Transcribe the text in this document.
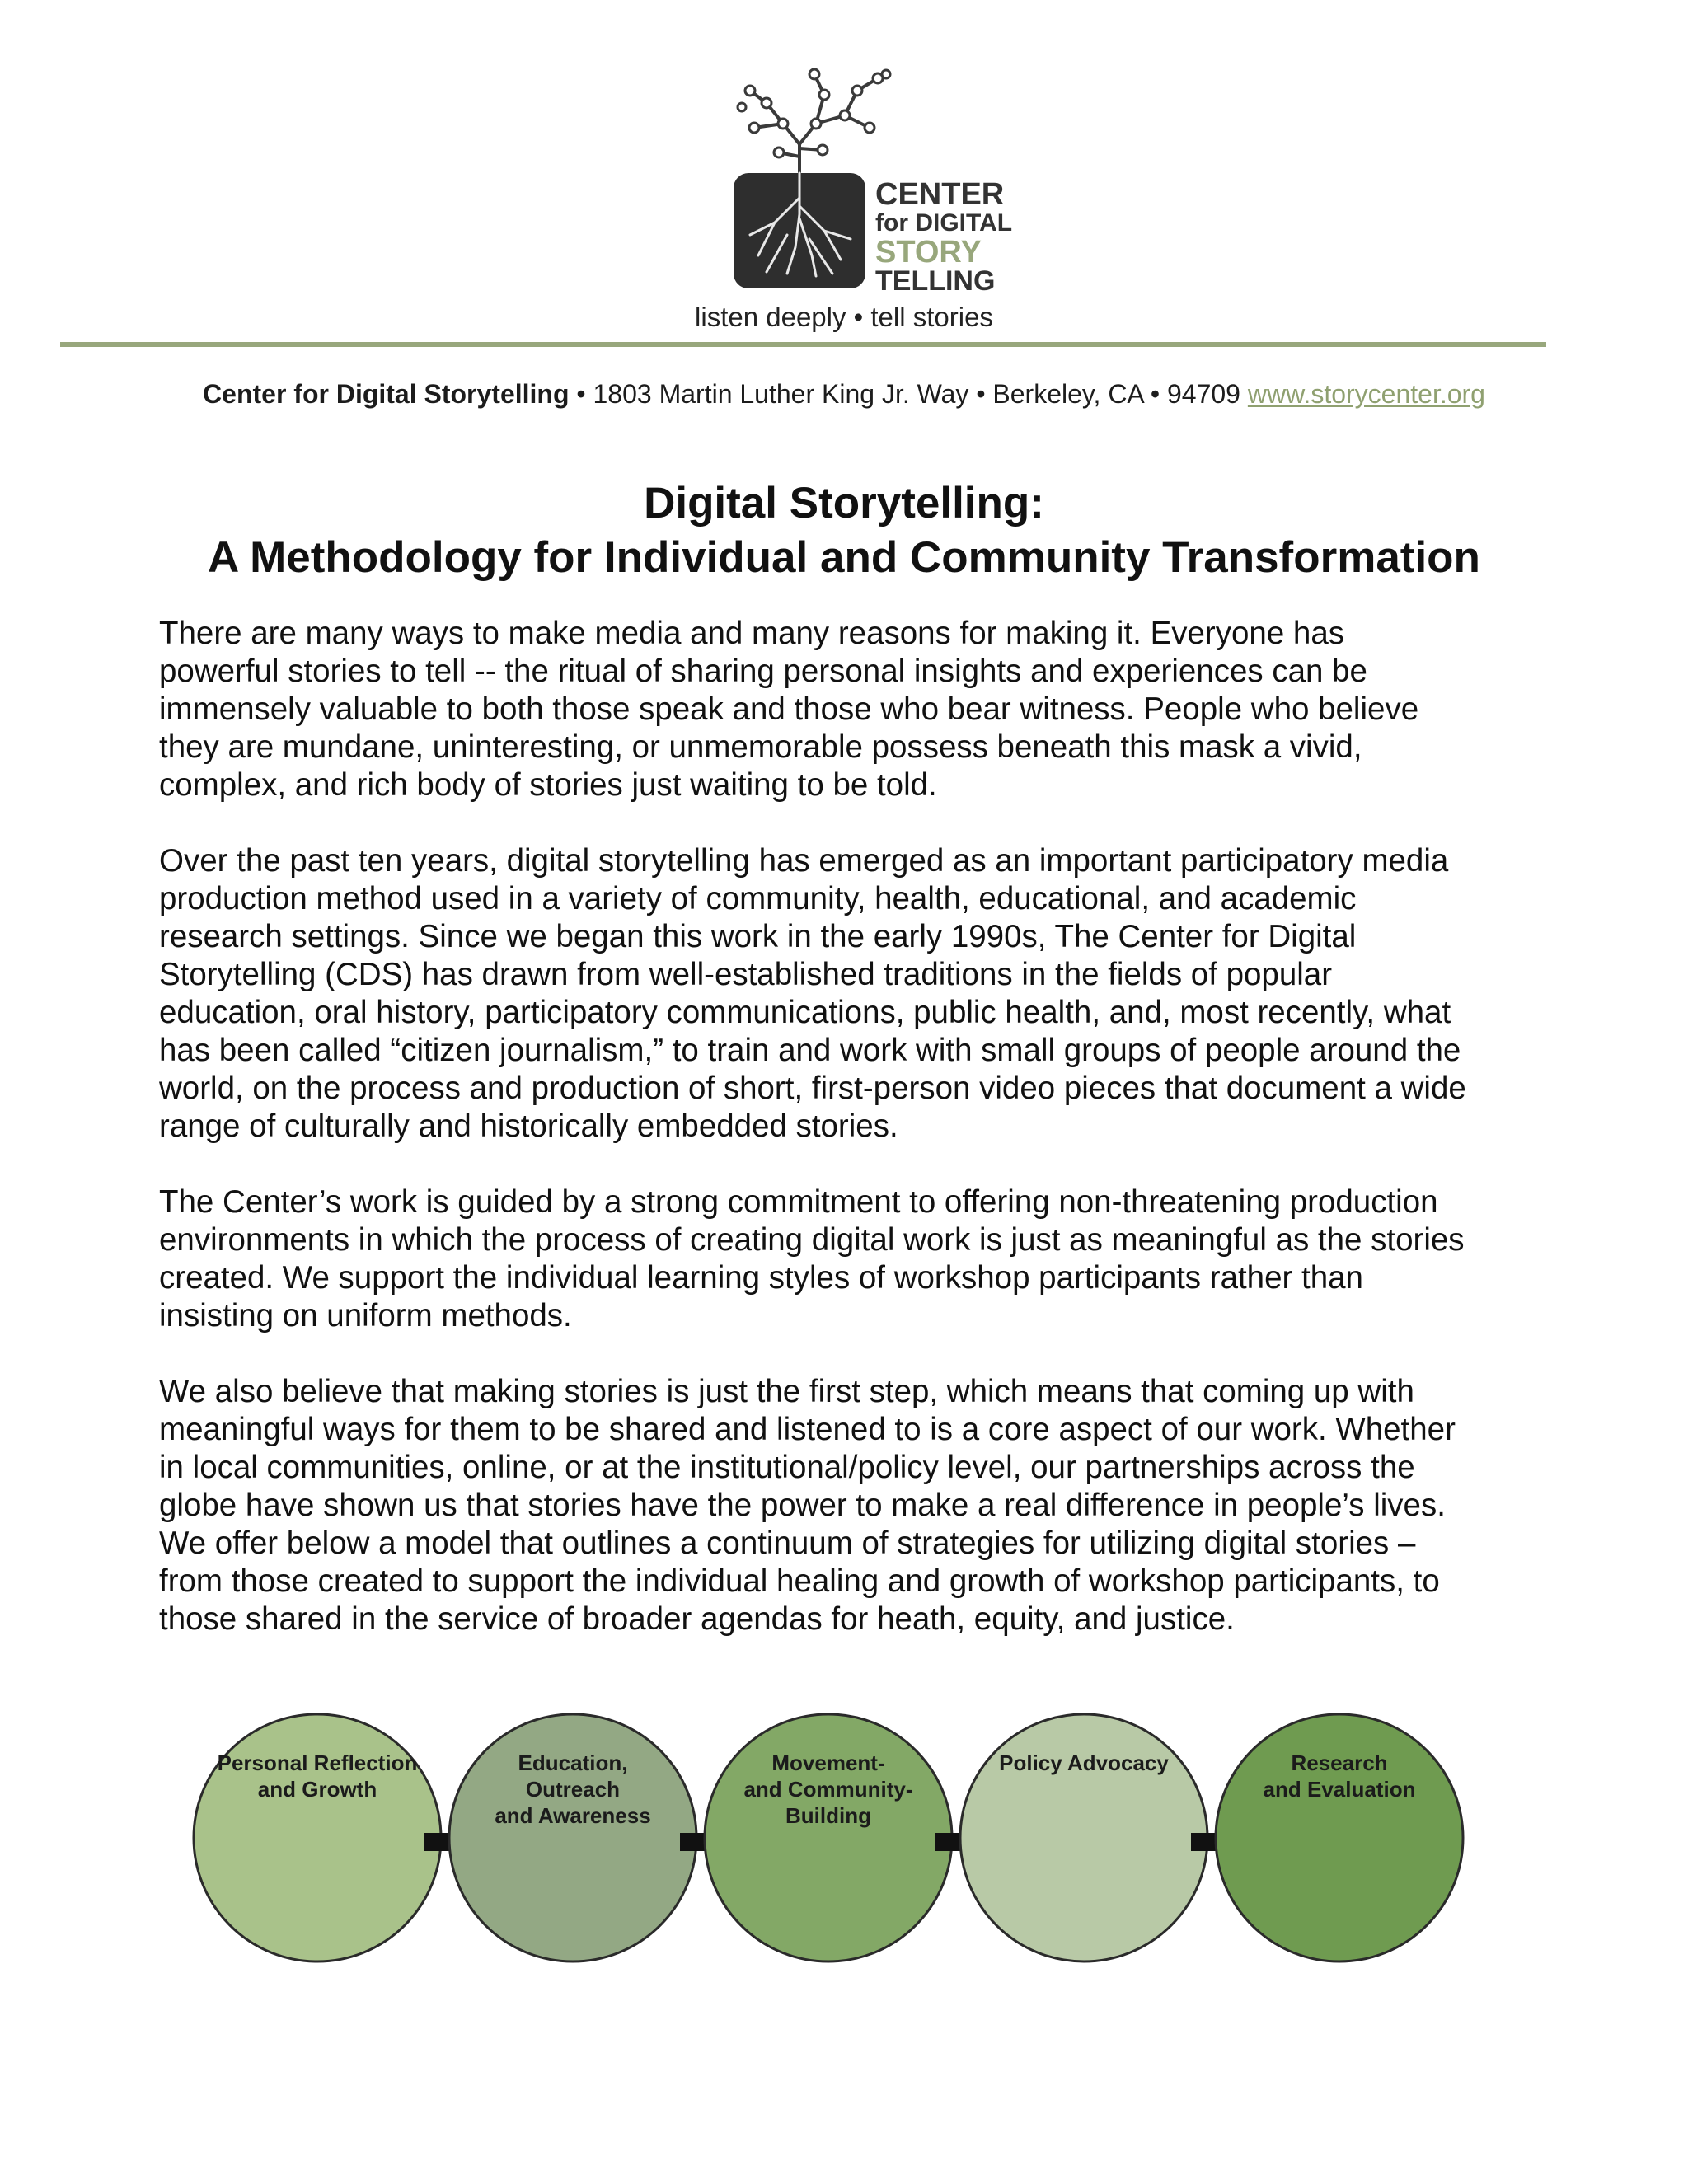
CENTER
for DIGITAL
STORY
TELLING
listen deeply • tell stories
Center for Digital Storytelling • 1803 Martin Luther King Jr. Way • Berkeley, CA • 94709 www.storycenter.org
Digital Storytelling:
A Methodology for Individual and Community Transformation

There are many ways to make media and many reasons for making it. Everyone has
powerful stories to tell -- the ritual of sharing personal insights and experiences can be
immensely valuable to both those speak and those who bear witness. People who believe
they are mundane, uninteresting, or unmemorable possess beneath this mask a vivid,
complex, and rich body of stories just waiting to be told.

Over the past ten years, digital storytelling has emerged as an important participatory media
production method used in a variety of community, health, educational, and academic
research settings. Since we began this work in the early 1990s, The Center for Digital
Storytelling (CDS) has drawn from well-established traditions in the fields of popular
education, oral history, participatory communications, public health, and, most recently, what
has been called “citizen journalism,” to train and work with small groups of people around the
world, on the process and production of short, first-person video pieces that document a wide
range of culturally and historically embedded stories.

The Center’s work is guided by a strong commitment to offering non-threatening production
environments in which the process of creating digital work is just as meaningful as the stories
created. We support the individual learning styles of workshop participants rather than
insisting on uniform methods.

We also believe that making stories is just the first step, which means that coming up with
meaningful ways for them to be shared and listened to is a core aspect of our work. Whether
in local communities, online, or at the institutional/policy level, our partnerships across the
globe have shown us that stories have the power to make a real difference in people’s lives.
We offer below a model that outlines a continuum of strategies for utilizing digital stories –
from those created to support the individual healing and growth of workshop participants, to
those shared in the service of broader agendas for heath, equity, and justice.

Personal Reflection
and Growth
Education,
Outreach
and Awareness
Movement-
and Community-
Building
Policy Advocacy	Research
and Evaluation
